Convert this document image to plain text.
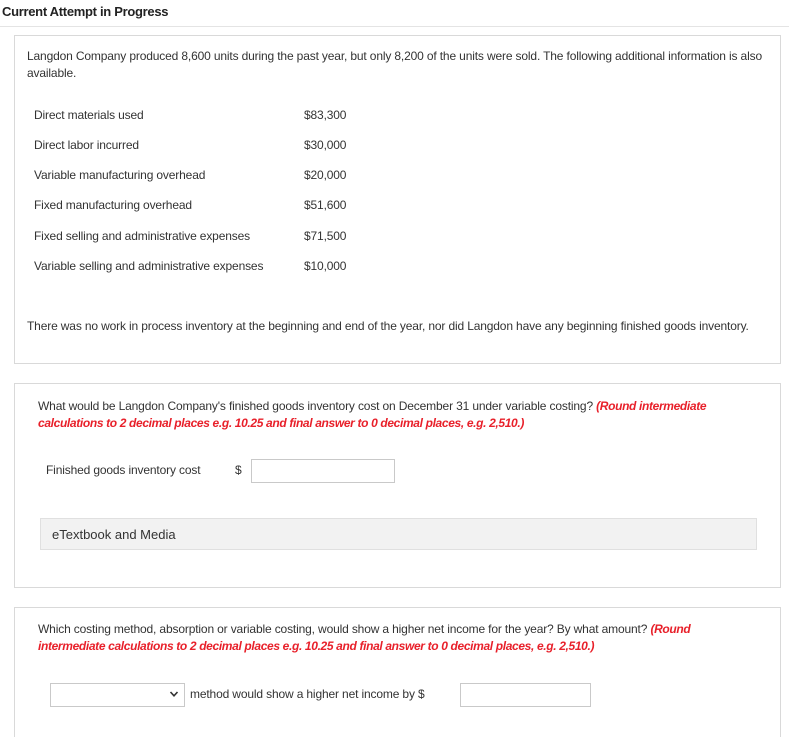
Current Attempt in Progress
Langdon Company produced 8,600 units during the past year, but only 8,200 of the units were sold. The following additional information is also available.
Direct materials used	$83,300
Direct labor incurred	$30,000
Variable manufacturing overhead	$20,000
Fixed manufacturing overhead	$51,600
Fixed selling and administrative expenses	$71,500
Variable selling and administrative expenses	$10,000
There was no work in process inventory at the beginning and end of the year, nor did Langdon have any beginning finished goods inventory.
What would be Langdon Company's finished goods inventory cost on December 31 under variable costing? (Round intermediate calculations to 2 decimal places e.g. 10.25 and final answer to 0 decimal places, e.g. 2,510.)
Finished goods inventory cost	$
eTextbook and Media
Which costing method, absorption or variable costing, would show a higher net income for the year? By what amount? (Round intermediate calculations to 2 decimal places e.g. 10.25 and final answer to 0 decimal places, e.g. 2,510.)
method would show a higher net income by $
